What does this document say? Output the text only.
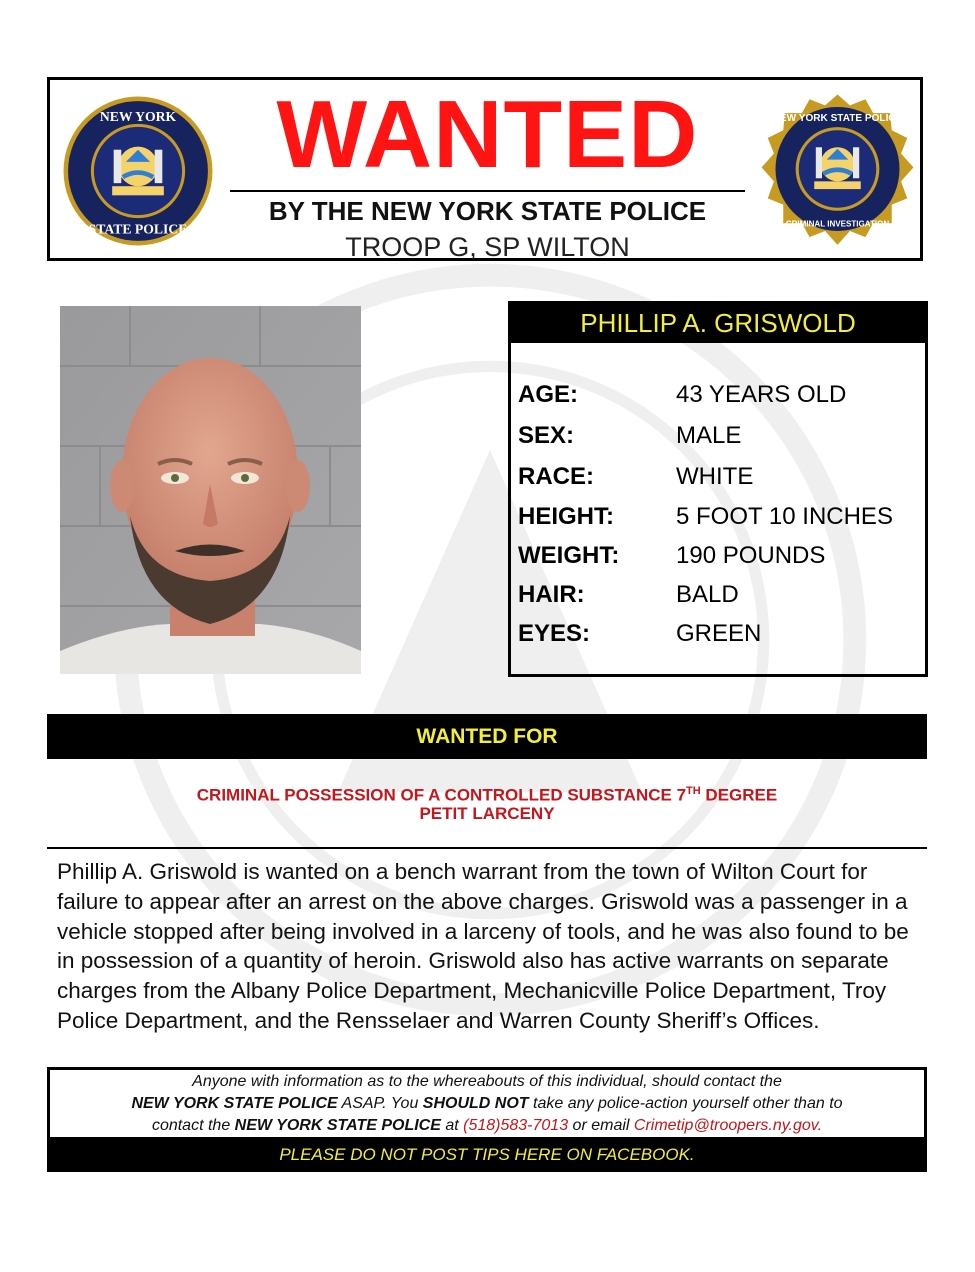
NEW YORK
STATE POLICE
NEW YORK STATE POLICE
CRIMINAL INVESTIGATION
WANTED
BY THE NEW YORK STATE POLICE
TROOP G, SP WILTON
PHILLIP A. GRISWOLD
AGE:	43 YEARS OLD
SEX:	MALE
RACE:	WHITE
HEIGHT:	5 FOOT 10 INCHES
WEIGHT: 190 POUNDS
HAIR:	BALD
EYES:	GREEN
WANTED FOR
CRIMINAL POSSESSION OF A CONTROLLED SUBSTANCE 7TH DEGREE
PETIT LARCENY
Phillip A. Griswold is wanted on a bench warrant from the town of Wilton Court for failure to appear after an arrest on the above charges. Griswold was a passenger in a vehicle stopped after being involved in a larceny of tools, and he was also found to be in possession of a quantity of heroin. Griswold also has active warrants on separate charges from the Albany Police Department, Mechanicville Police Department, Troy Police Department, and the Rensselaer and Warren County Sheriff’s Offices.
Anyone with information as to the whereabouts of this individual, should contact the
NEW YORK STATE POLICE ASAP. You SHOULD NOT take any police-action yourself other than to
contact the NEW YORK STATE POLICE at (518)583-7013 or email Crimetip@troopers.ny.gov.
PLEASE DO NOT POST TIPS HERE ON FACEBOOK.
